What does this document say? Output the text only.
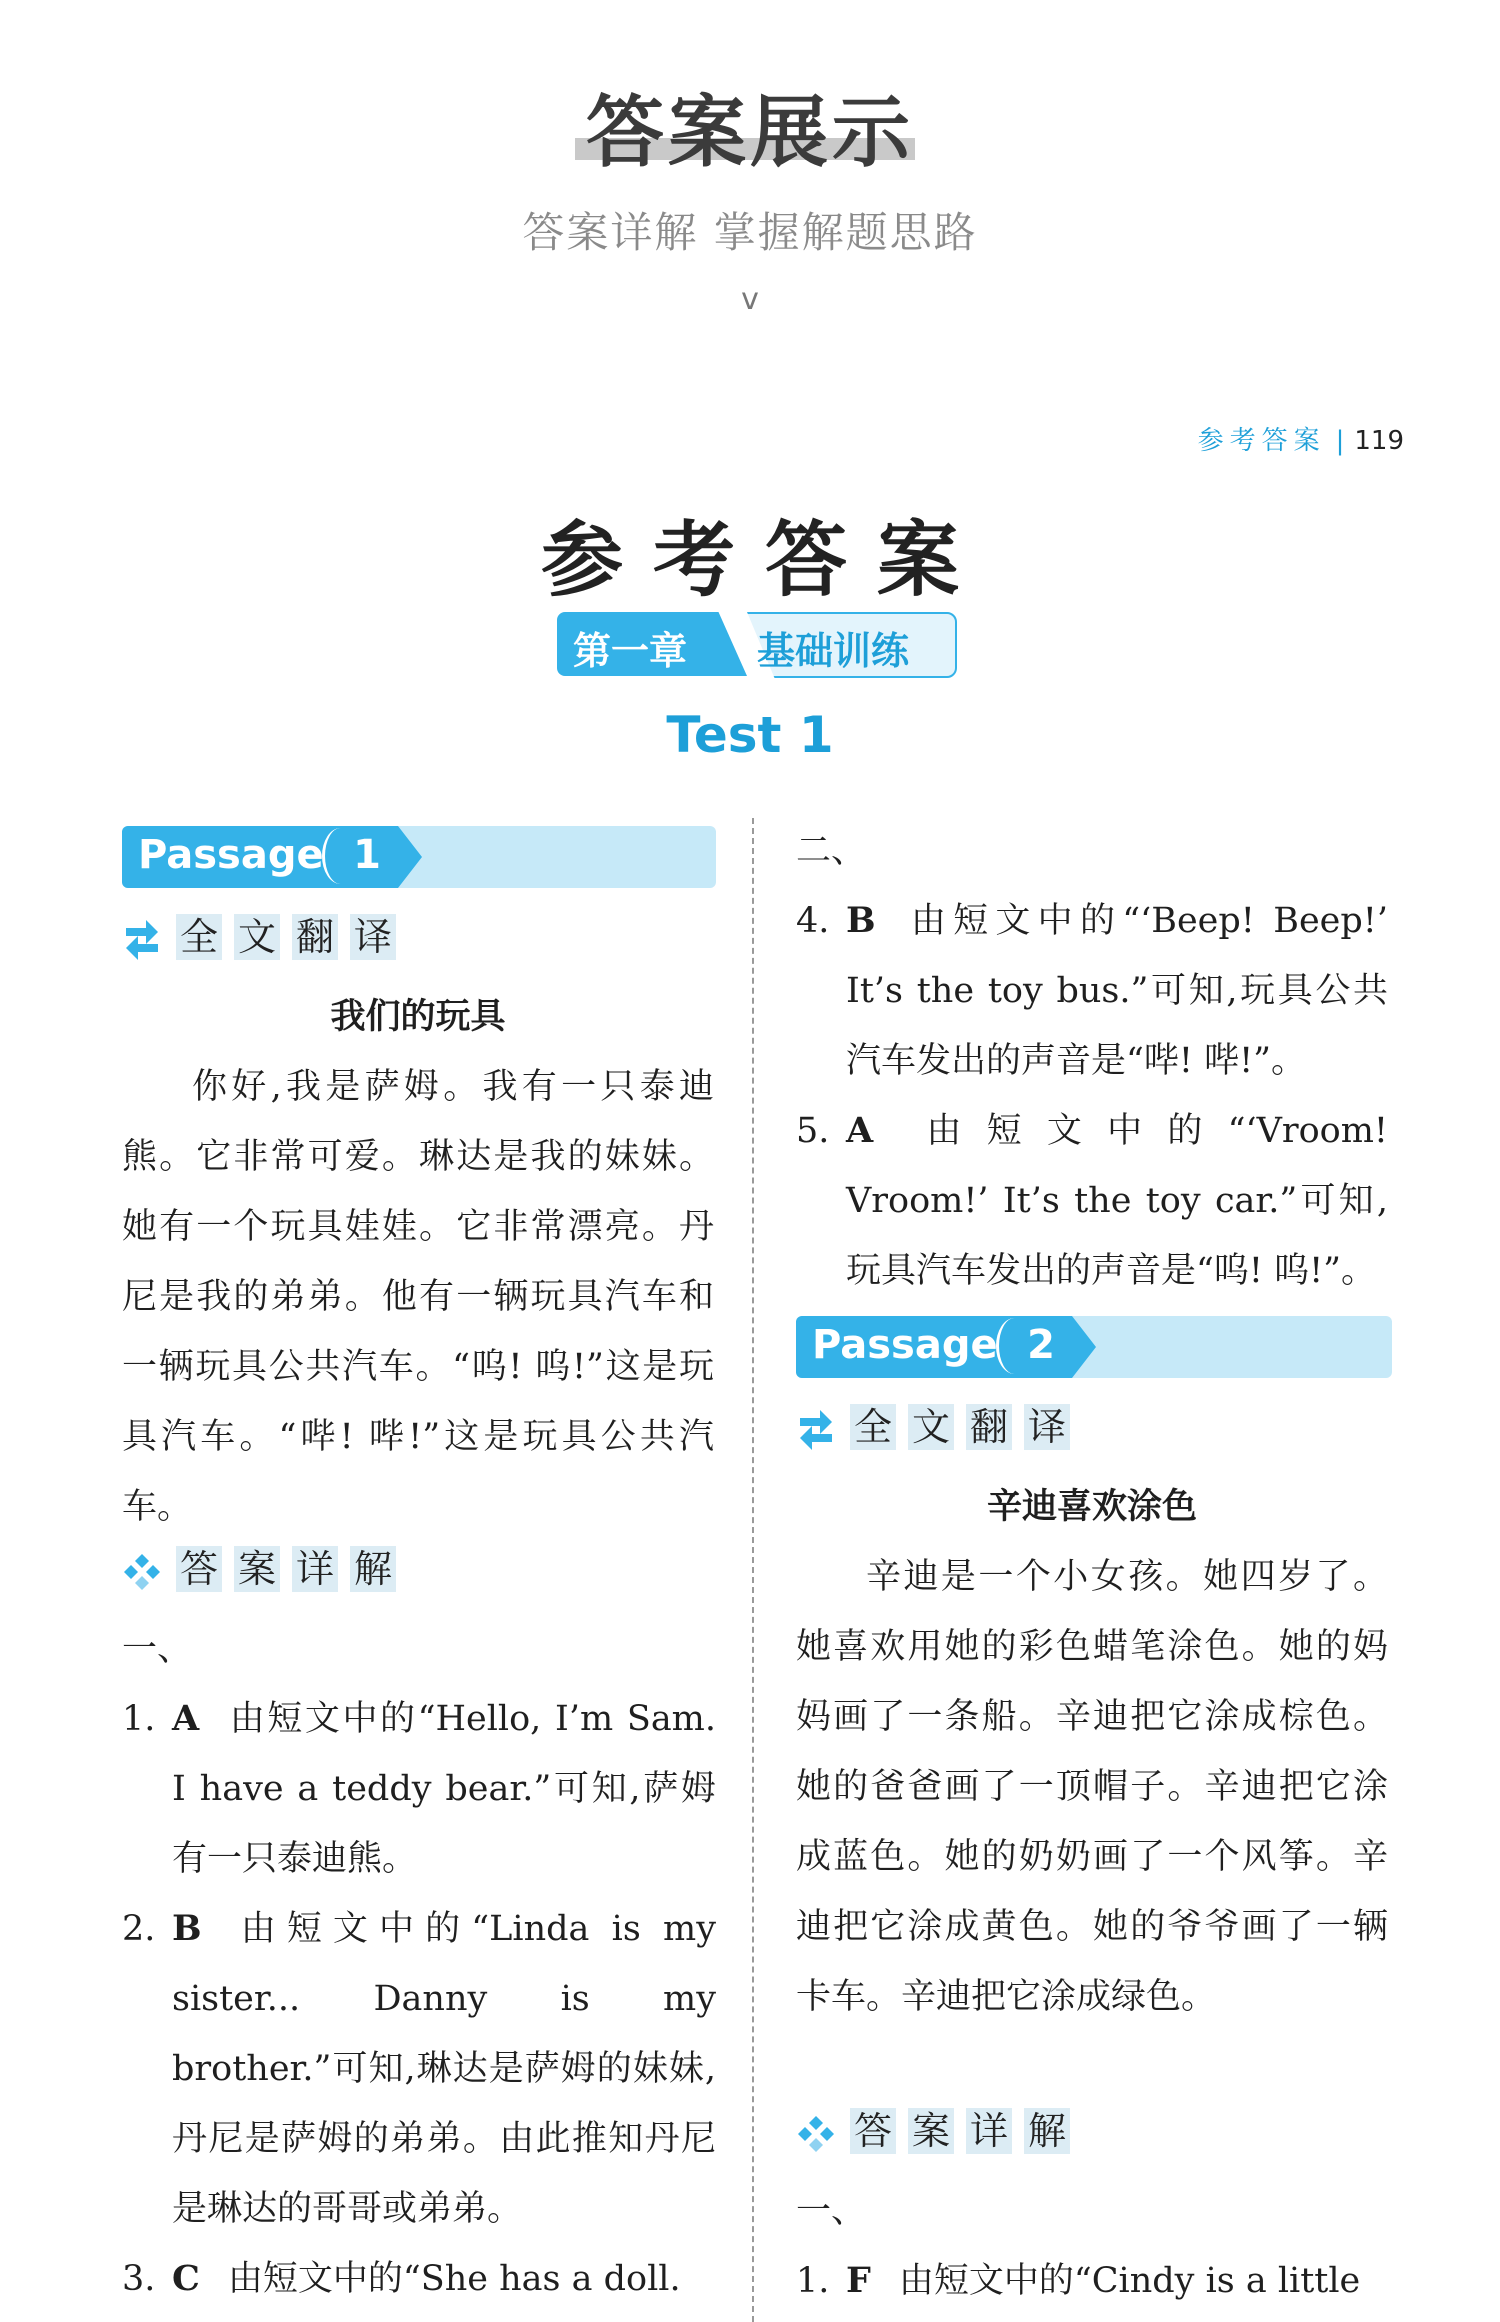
答案展示
答案详解 掌握解题思路
v
参考答案 | 119
参考答案
第一章 基础训练
Test 1
Passage 1
全 文 翻 译
我们的玩具
你好,我是萨姆。我有一只泰迪熊。它非常可爱。琳达是我的妹妹。她有一个玩具娃娃。它非常漂亮。丹尼是我的弟弟。他有一辆玩具汽车和一辆玩具公共汽车。“呜! 呜!”这是玩具汽车。“哔! 哔!”这是玩具公共汽车。
答 案 详 解
一、
1. A 由短文中的“Hello, I’m Sam. I have a teddy bear.”可知,萨姆有一只泰迪熊。
2. B 由短文中的“Linda is my sister... Danny is my brother.”可知,琳达是萨姆的妹妹,丹尼是萨姆的弟弟。由此推知丹尼是琳达的哥哥或弟弟。
3. C 由短文中的“She has a doll.
二、
4. B 由短文中的“‘Beep! Beep!’ It’s the toy bus.”可知,玩具公共汽车发出的声音是“哔! 哔!”。
5. A 由短文中的“‘Vroom! Vroom!’ It’s the toy car.”可知,玩具汽车发出的声音是“呜! 呜!”。
Passage 2
全 文 翻 译
辛迪喜欢涂色
辛迪是一个小女孩。她四岁了。她喜欢用她的彩色蜡笔涂色。她的妈妈画了一条船。辛迪把它涂成棕色。她的爸爸画了一顶帽子。辛迪把它涂成蓝色。她的奶奶画了一个风筝。辛迪把它涂成黄色。她的爷爷画了一辆卡车。辛迪把它涂成绿色。
答 案 详 解
一、
1. F 由短文中的“Cindy is a little
